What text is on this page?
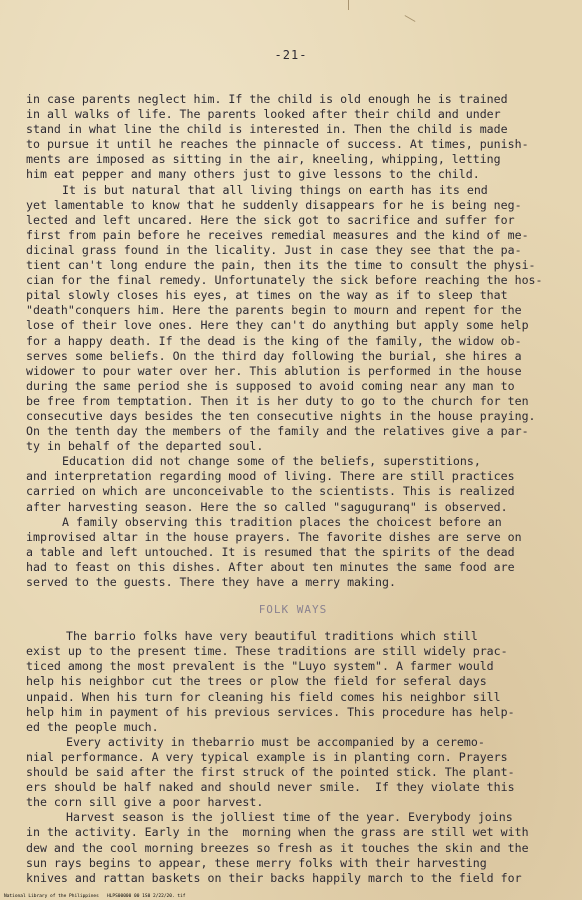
-21-
in case parents neglect him. If the child is old enough he is trained
in all walks of life. The parents looked after their child and under
stand in what line the child is interested in. Then the child is made
to pursue it until he reaches the pinnacle of success. At times, punish-
ments are imposed as sitting in the air, kneeling, whipping, letting
him eat pepper and many others just to give lessons to the child.
It is but natural that all living things on earth has its end
yet lamentable to know that he suddenly disappears for he is being neg-
lected and left uncared. Here the sick got to sacrifice and suffer for
first from pain before he receives remedial measures and the kind of me-
dicinal grass found in the licality. Just in case they see that the pa-
tient can't long endure the pain, then its the time to consult the physi-
cian for the final remedy. Unfortunately the sick before reaching the hos-
pital slowly closes his eyes, at times on the way as if to sleep that
"death"conquers him. Here the parents begin to mourn and repent for the
lose of their love ones. Here they can't do anything but apply some help
for a happy death. If the dead is the king of the family, the widow ob-
serves some beliefs. On the third day following the burial, she hires a
widower to pour water over her. This ablution is performed in the house
during the same period she is supposed to avoid coming near any man to
be free from temptation. Then it is her duty to go to the church for ten
consecutive days besides the ten consecutive nights in the house praying.
On the tenth day the members of the family and the relatives give a par-
ty in behalf of the departed soul.
Education did not change some of the beliefs, superstitions,
and interpretation regarding mood of living. There are still practices
carried on which are unconceivable to the scientists. This is realized
after harvesting season. Here the so called "saguguranq" is observed.
A family observing this tradition places the choicest before an
improvised altar in the house prayers. The favorite dishes are serve on
a table and left untouched. It is resumed that the spirits of the dead
had to feast on this dishes. After about ten minutes the same food are
served to the guests. There they have a merry making.
FOLK WAYS
The barrio folks have very beautiful traditions which still
exist up to the present time. These traditions are still widely prac-
ticed among the most prevalent is the "Luyo system". A farmer would
help his neighbor cut the trees or plow the field for seferal days
unpaid. When his turn for cleaning his field comes his neighbor sill
help him in payment of his previous services. This procedure has help-
ed the people much.
Every activity in thebarrio must be accompanied by a ceremo-
nial performance. A very typical example is in planting corn. Prayers
should be said after the first struck of the pointed stick. The plant-
ers should be half naked and should never smile.  If they violate this
the corn sill give a poor harvest.
Harvest season is the jolliest time of the year. Everybody joins
in the activity. Early in the  morning when the grass are still wet with
dew and the cool morning breezes so fresh as it touches the skin and the
sun rays begins to appear, these merry folks with their harvesting
knives and rattan baskets on their backs happily march to the field for
National Library of the Philippines   HLPS00000 00 1S0 2/22/20. tif
